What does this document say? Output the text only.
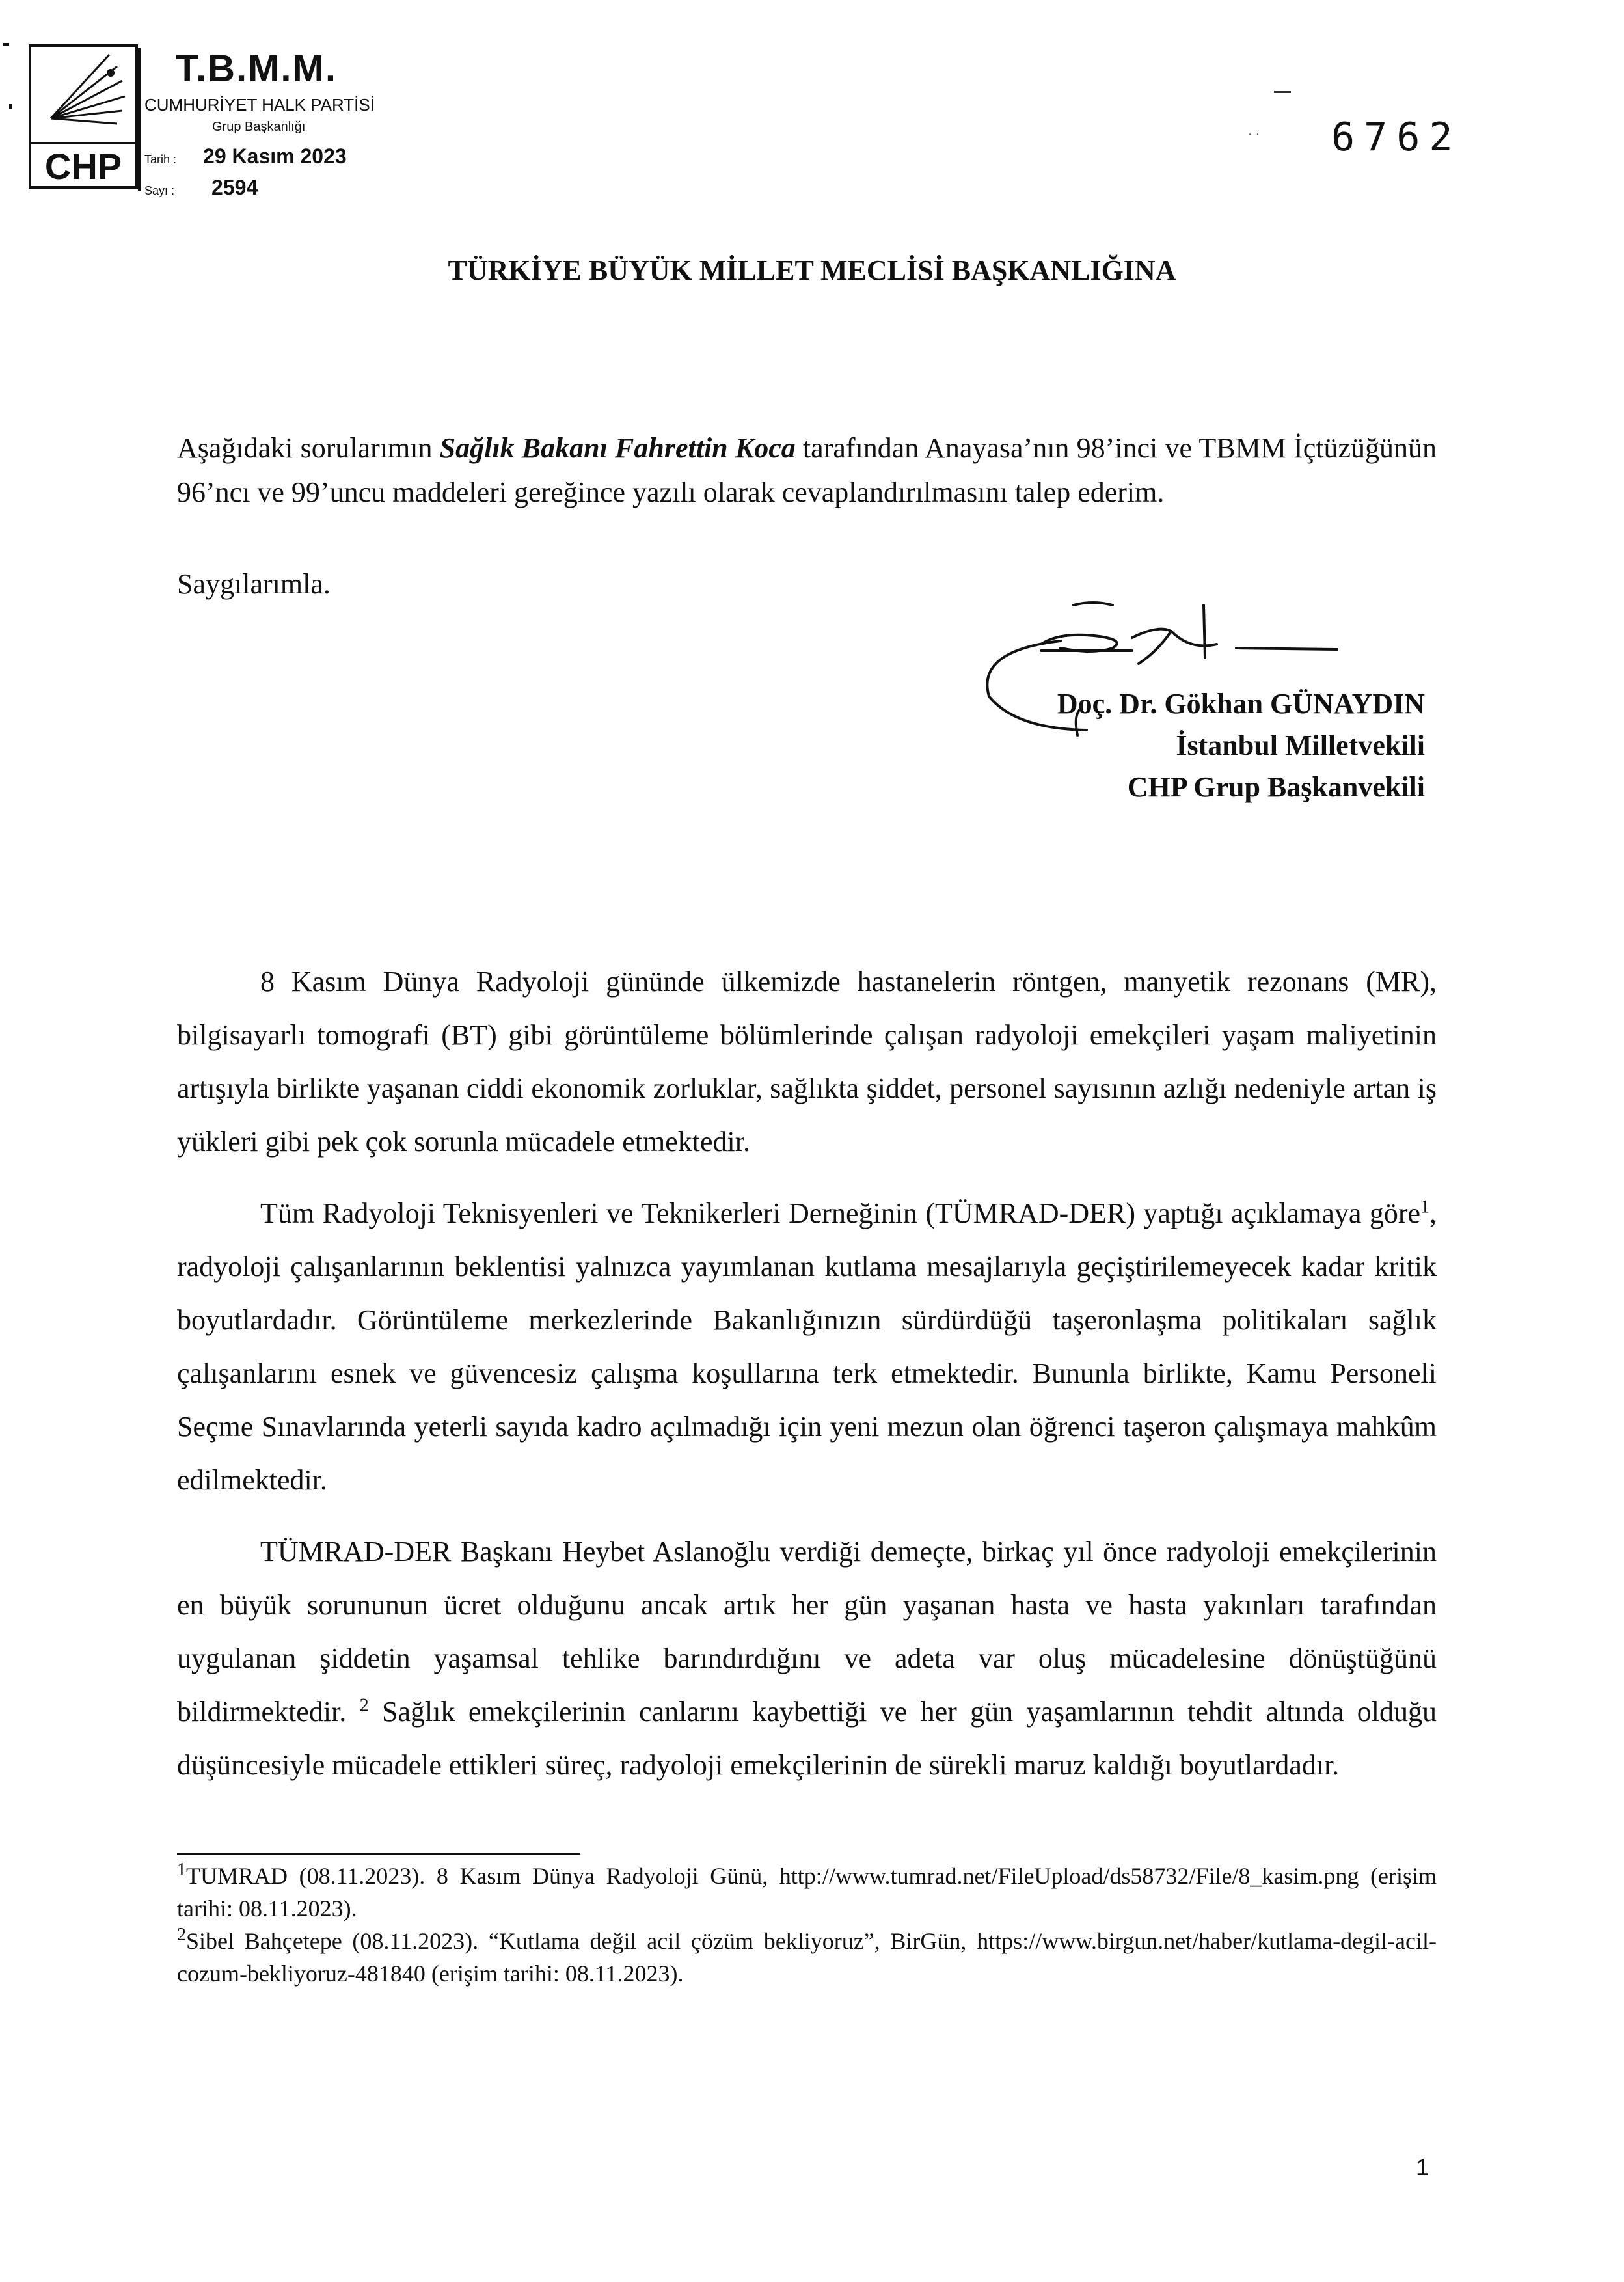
CHP
T.B.M.M.
CUMHURİYET HALK PARTİSİ
Grup Başkanlığı
Tarih : 29 Kasım 2023
Sayı : 2594
· · 6762
TÜRKİYE BÜYÜK MİLLET MECLİSİ BAŞKANLIĞINA

Aşağıdaki sorularımın Sağlık Bakanı Fahrettin Koca tarafından Anayasa’nın 98’inci ve TBMM İçtüzüğünün 96’ncı ve 99’uncu maddeleri gereğince yazılı olarak cevaplandırılmasını talep ederim.

Saygılarımla.
Doç. Dr. Gökhan GÜNAYDIN
İstanbul Milletvekili
CHP Grup Başkanvekili

8 Kasım Dünya Radyoloji gününde ülkemizde hastanelerin röntgen, manyetik rezonans (MR), bilgisayarlı tomografi (BT) gibi görüntüleme bölümlerinde çalışan radyoloji emekçileri yaşam maliyetinin artışıyla birlikte yaşanan ciddi ekonomik zorluklar, sağlıkta şiddet, personel sayısının azlığı nedeniyle artan iş yükleri gibi pek çok sorunla mücadele etmektedir.

Tüm Radyoloji Teknisyenleri ve Teknikerleri Derneğinin (TÜMRAD-DER) yaptığı açıklamaya göre$^1$, radyoloji çalışanlarının beklentisi yalnızca yayımlanan kutlama mesajlarıyla geçiştirilemeyecek kadar kritik boyutlardadır. Görüntüleme merkezlerinde Bakanlığınızın sürdürdüğü taşeronlaşma politikaları sağlık çalışanlarını esnek ve güvencesiz çalışma koşullarına terk etmektedir. Bununla birlikte, Kamu Personeli Seçme Sınavlarında yeterli sayıda kadro açılmadığı için yeni mezun olan öğrenci taşeron çalışmaya mahkûm edilmektedir.

TÜMRAD-DER Başkanı Heybet Aslanoğlu verdiği demeçte, birkaç yıl önce radyoloji emekçilerinin en büyük sorununun ücret olduğunu ancak artık her gün yaşanan hasta ve hasta yakınları tarafından uygulanan şiddetin yaşamsal tehlike barındırdığını ve adeta var oluş mücadelesine dönüştüğünü bildirmektedir. $^2$ Sağlık emekçilerinin canlarını kaybettiği ve her gün yaşamlarının tehdit altında olduğu düşüncesiyle mücadele ettikleri süreç, radyoloji emekçilerinin de sürekli maruz kaldığı boyutlardadır.

$^1$TUMRAD (08.11.2023). 8 Kasım Dünya Radyoloji Günü, http://www.tumrad.net/FileUpload/ds58732/File/8_kasim.png (erişim tarihi: 08.11.2023).

$^2$Sibel Bahçetepe (08.11.2023). “Kutlama değil acil çözüm bekliyoruz”, BirGün, https://www.birgun.net/haber/kutlama-degil-acil-cozum-bekliyoruz-481840 (erişim tarihi: 08.11.2023).

1
